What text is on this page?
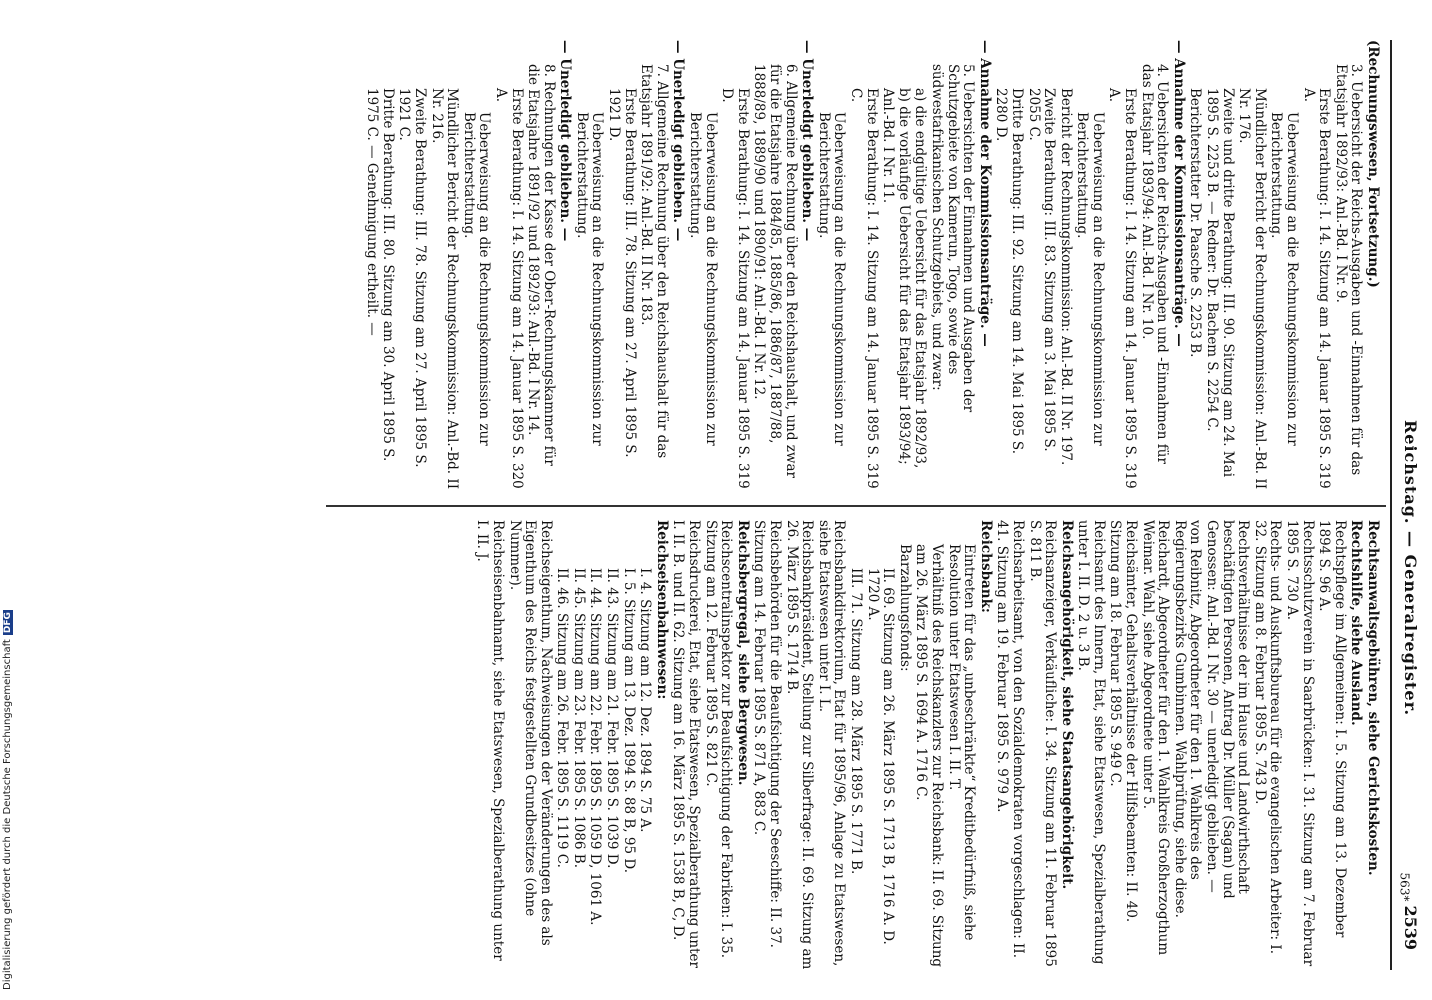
Reichstag. — Generalregister.
2539

(Rechnungswesen, Fortsetzung.)

3. Uebersicht der Reichs-Ausgaben und -Einnahmen für das Etatsjahr 1892/93: Anl.-Bd. I Nr. 9.

Erste Berathung: I. 14. Sitzung am 14. Januar 1895 S. 319 A.

Ueberweisung an die Rechnungskommission zur Berichterstattung.

Mündlicher Bericht der Rechnungskommission: Anl.-Bd. II Nr. 176.

Zweite und dritte Berathung: III. 90. Sitzung am 24. Mai 1895 S. 2253 B. — Redner: Dr. Bachem S. 2254 C.

Berichterstatter Dr. Paasche S. 2253 B.

— Annahme der Kommissionsanträge. —

4. Uebersichten der Reichs-Ausgaben und -Einnahmen für das Etatsjahr 1893/94: Anl.-Bd. I Nr. 10.

Erste Berathung: I. 14. Sitzung am 14. Januar 1895 S. 319 A.

Ueberweisung an die Rechnungskommission zur Berichterstattung.

Bericht der Rechnungskommission: Anl.-Bd. II Nr. 197.

Zweite Berathung: III. 83. Sitzung am 3. Mai 1895 S. 2055 C.

Dritte Berathung: III. 92. Sitzung am 14. Mai 1895 S. 2280 D.

— Annahme der Kommissionsanträge. —

5. Uebersichten der Einnahmen und Ausgaben der Schutzgebiete von Kamerun, Togo, sowie des südwestafrikanischen Schutzgebiets, und zwar:

a) die endgültige Uebersicht für das Etatsjahr 1892/93,

b) die vorläufige Uebersicht für das Etatsjahr 1893/94; Anl.-Bd. I Nr. 11.

Erste Berathung: I. 14. Sitzung am 14. Januar 1895 S. 319 C.

Ueberweisung an die Rechnungskommission zur Berichterstattung.

— Unerledigt geblieben. —

6. Allgemeine Rechnung über den Reichshaushalt, und zwar für die Etatsjahre 1884/85, 1885/86, 1886/87, 1887/88, 1888/89, 1889/90 und 1890/91: Anl.-Bd. I Nr. 12.

Erste Berathung: I. 14. Sitzung am 14. Januar 1895 S. 319 D.

Ueberweisung an die Rechnungskommission zur Berichterstattung.

— Unerledigt geblieben. —

7. Allgemeine Rechnung über den Reichshaushalt für das Etatsjahr 1891/92: Anl.-Bd. II Nr. 183.

Erste Berathung: III. 78. Sitzung am 27. April 1895 S. 1921 D.

Ueberweisung an die Rechnungskommission zur Berichterstattung.

— Unerledigt geblieben. —

8. Rechnungen der Kasse der Ober-Rechnungskammer für die Etatsjahre 1891/92 und 1892/93: Anl.-Bd. I Nr. 14.

Erste Berathung: I. 14. Sitzung am 14. Januar 1895 S. 320 A.

Ueberweisung an die Rechnungskommission zur Berichterstattung.

Mündlicher Bericht der Rechnungskommission: Anl.-Bd. II Nr. 216.

Zweite Berathung: III. 78. Sitzung am 27. April 1895 S. 1921 C.

Dritte Berathung: III. 80. Sitzung am 30. April 1895 S. 1975 C. — Genehmigung ertheilt. —

Rechtsanwaltsgebühren, siehe Gerichtskosten.

Rechtshilfe, siehe Ausland.

Rechtspflege im Allgemeinen: I. 5. Sitzung am 13. Dezember 1894 S. 96 A.

Rechtsschutzverein in Saarbrücken: I. 31. Sitzung am 7. Februar 1895 S. 730 A.

Rechts- und Auskunftsbureau für die evangelischen Arbeiter: I. 32. Sitzung am 8. Februar 1895 S. 743 D.

Rechtsverhältnisse der im Hause und Landwirthschaft beschäftigten Personen, Antrag Dr. Müller (Sagan) und Genossen: Anl.-Bd. I Nr. 30 — unerledigt geblieben. —

von Reibnitz, Abgeordneter für den 1. Wahlkreis des Regierungsbezirks Gumbinnen. Wahlprüfung, siehe diese.

Reichardt, Abgeordneter für den 1. Wahlkreis Großherzogthum Weimar. Wahl, siehe Abgeordnete unter 5.

Reichsämter, Gehaltsverhältnisse der Hilfsbeamten: II. 40. Sitzung am 18. Februar 1895 S. 949 C.

Reichsamt des Innern, Etat, siehe Etatswesen, Spezialberathung unter I. II. D. 2 u. 3 B.

Reichsangehörigkeit, siehe Staatsangehörigkeit.

Reichsanzeiger, Verkäufliche: I. 34. Sitzung am 11. Februar 1895 S. 811 B.

Reichsarbeitsamt, von den Sozialdemokraten vorgeschlagen: II. 41. Sitzung am 19. Februar 1895 S. 979 A.

Reichsbank:

Eintreten für das „unbeschränkte“ Kreditbedürfniß, siehe Resolution unter Etatswesen I. II. T.

Verhältniß des Reichskanzlers zur Reichsbank: II. 69. Sitzung am 26. März 1895 S. 1694 A. 1716 C.

Barzahlungsfonds:

II. 69. Sitzung am 26. März 1895 S. 1713 B, 1716 A. D. 1720 A.

III. 71. Sitzung am 28. März 1895 S. 1771 B.

Reichsbankdirektorium, Etat für 1895/96, Anlage zu Etatswesen, siehe Etatswesen unter I. L.

Reichsbankpräsident, Stellung zur Silberfrage: II. 69. Sitzung am 26. März 1895 S. 1714 B.

Reichsbehörden für die Beaufsichtigung der Seeschiffe: II. 37. Sitzung am 14. Februar 1895 S. 871 A, 883 C.

Reichsbergregal, siehe Bergwesen.

Reichscentralinspektor zur Beaufsichtigung der Fabriken: I. 35. Sitzung am 12. Februar 1895 S. 821 C.

Reichsdruckerei, Etat, siehe Etatswesen, Spezialberathung unter I. II. B. und II. 62. Sitzung am 16. März 1895 S. 1538 B, C, D.

Reichseisenbahnwesen:

I. 4. Sitzung am 12. Dez. 1894 S. 75 A.

I. 5. Sitzung am 13. Dez. 1894 S. 88 B, 95 D.

II. 43. Sitzung am 21. Febr. 1895 S. 1039 D.

II. 44. Sitzung am 22. Febr. 1895 S. 1059 D, 1061 A.

II. 45. Sitzung am 23. Febr. 1895 S. 1086 B.

II. 46. Sitzung am 26. Febr. 1895 S. 1119 C.

Reichseigenthum, Nachweisungen der Veränderungen des als Eigenthum des Reichs festgestellten Grundbesitzes (ohne Nummer).

Reichseisenbahnamt, siehe Etatswesen, Spezialberathung unter I. II. J.

563*
Digitalisierung gefördert durch die Deutsche ForschungsgemeinschaftDFG
